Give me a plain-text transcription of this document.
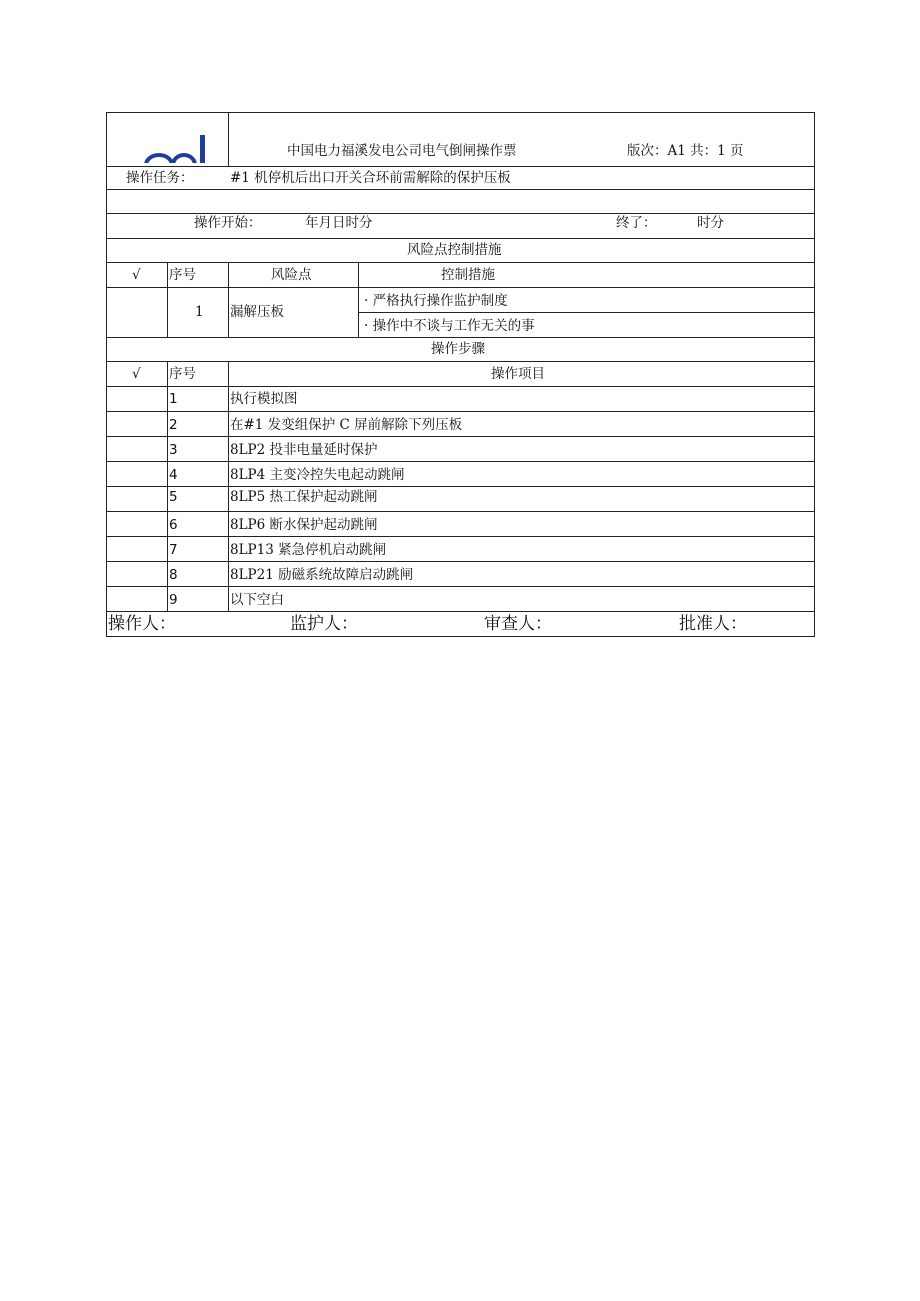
中国电力福溪发电公司电气倒闸操作票	版次：A1 共：1 页
操作任务：	#1 机停机后出口开关合环前需解除的保护压板
操作开始：	年月日时分	终了：	时分
风险点控制措施
√ 序号	风险点	控制措施
1 漏解压板
· 严格执行操作监护制度
· 操作中不谈与工作无关的事
操作步骤
√ 序号	操作项目
1	执行模拟图
2	在#1 发变组保护 C 屏前解除下列压板
3	8LP2 投非电量延时保护
4	8LP4 主变冷控失电起动跳闸
5	8LP5 热工保护起动跳闸
6	8LP6 断水保护起动跳闸
7	8LP13 紧急停机启动跳闸
8	8LP21 励磁系统故障启动跳闸
9	以下空白
操作人：	监护人：	审查人：	批准人：
